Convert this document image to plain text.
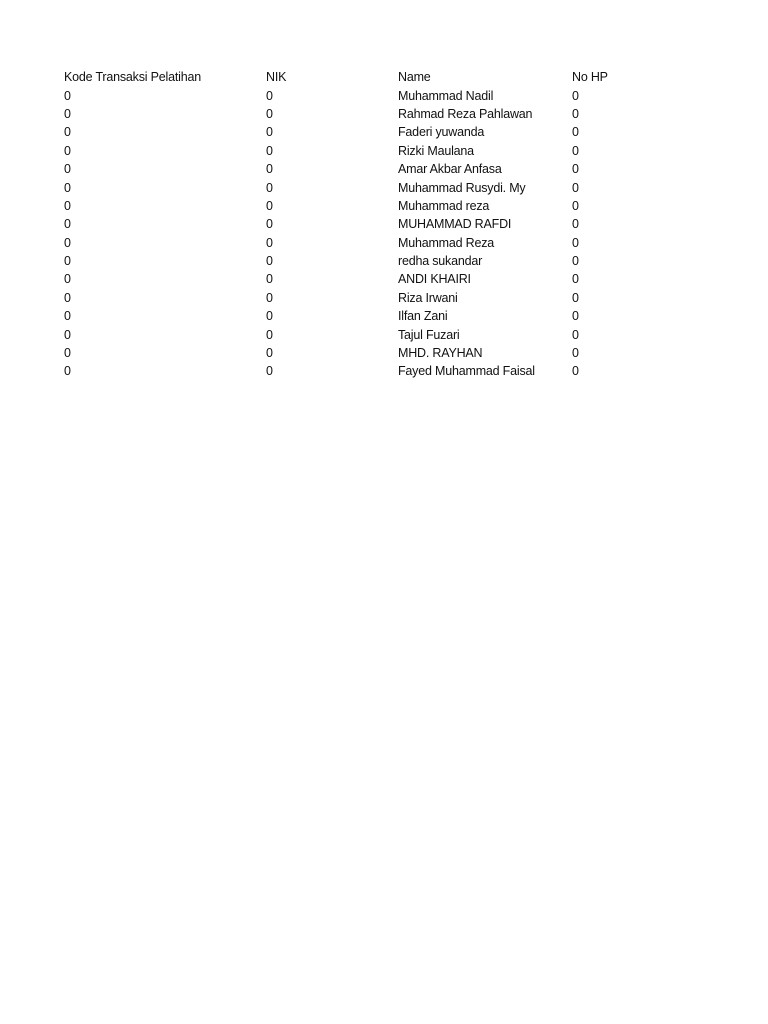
Kode Transaksi Pelatihan	NIK	Name	No HP
0	0	Muhammad Nadil	0
0	0	Rahmad Reza Pahlawan	0
0	0	Faderi yuwanda	0
0	0	Rizki Maulana	0
0	0	Amar Akbar Anfasa	0
0	0	Muhammad Rusydi. My	0
0	0	Muhammad reza	0
0	0	MUHAMMAD RAFDI	0
0	0	Muhammad Reza	0
0	0	redha sukandar	0
0	0	ANDI KHAIRI	0
0	0	Riza Irwani	0
0	0	Ilfan Zani	0
0	0	Tajul Fuzari	0
0	0	MHD. RAYHAN	0
0	0	Fayed Muhammad Faisal	0
